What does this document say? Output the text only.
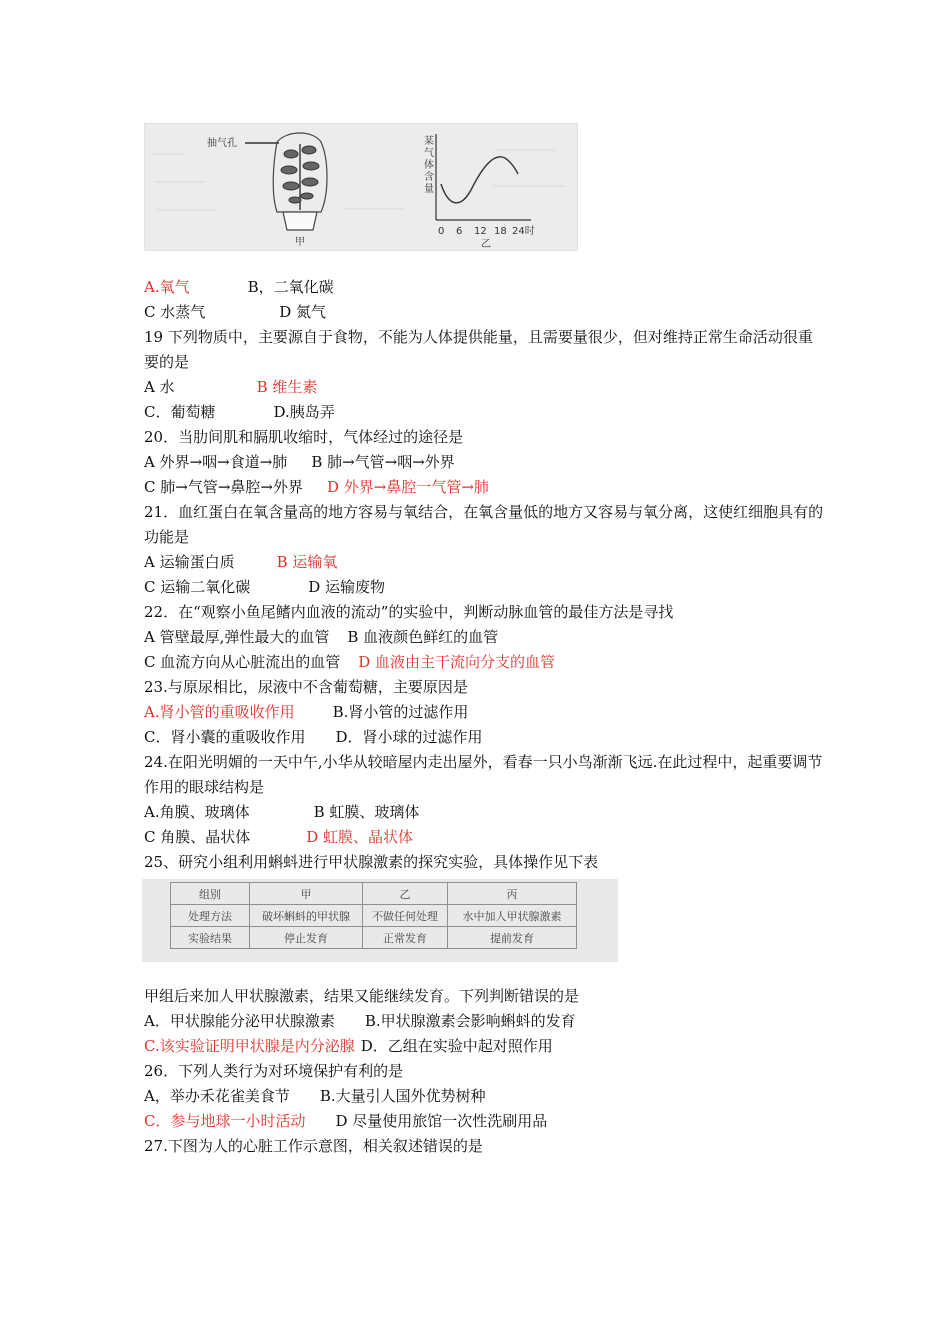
抽气孔
甲
某气 体含 量
0 6 12 18 24时
乙
A.氧气	B，二氧化碳
C 水蒸气	D 氮气
19 下列物质中，主要源自于食物，不能为人体提供能量，且需要量很少，但对维持正常生命活动很重要的是
A 水	B 维生素
C．葡萄糖	D.胰岛弄
20．当肋间肌和膈肌收缩时，气体经过的途径是
A 外界→咽→食道→肺 B 肺→气管→咽→外界
C 肺→气管→鼻腔→外界 D 外界→鼻腔一气管→肺
21．血红蛋白在氧含量高的地方容易与氧结合，在氧含量低的地方又容易与氧分离，这使红细胞具有的功能是
A 运输蛋白质	B 运输氧
C 运输二氧化碳	D 运输废物
22．在“观察小鱼尾鳍内血液的流动”的实验中，判断动脉血管的最佳方法是寻找
A 管壁最厚,弹性最大的血管 B 血液颜色鲜红的血管
C 血流方向从心脏流出的血管 D 血液由主干流向分支的血管
23.与原尿相比，尿液中不含葡萄糖，主要原因是
A.肾小管的重吸收作用	B.肾小管的过滤作用
C．肾小囊的重吸收作用 D．肾小球的过滤作用
24.在阳光明媚的一天中午,小华从较暗屋内走出屋外，看春一只小鸟渐渐飞远.在此过程中，起重要调节作用的眼球结构是
A.角膜、玻璃体	B 虹膜、玻璃体
C 角膜、晶状体	D 虹膜、晶状体
25、研究小组利用蝌蚪进行甲状腺激素的探究实验，具体操作见下表
组别	甲	乙	丙
处理方法	破坏蝌蚪的甲状腺	不做任何处理	水中加人甲状腺激素
实验结果	停止发育	正常发育	提前发育
甲组后来加人甲状腺激素，结果又能继续发育。下列判断错误的是
A．甲状腺能分泌甲状腺激素 B.甲状腺激素会影响蝌蚪的发育
C.该实验证明甲状腺是内分泌腺 D．乙组在实验中起对照作用
26．下列人类行为对环境保护有利的是
A，举办禾花雀美食节 B.大量引人国外优势树种
C．参与地球一小时活动 D 尽量使用旅馆一次性洗刷用品
27.下图为人的心脏工作示意图，相关叙述错误的是
